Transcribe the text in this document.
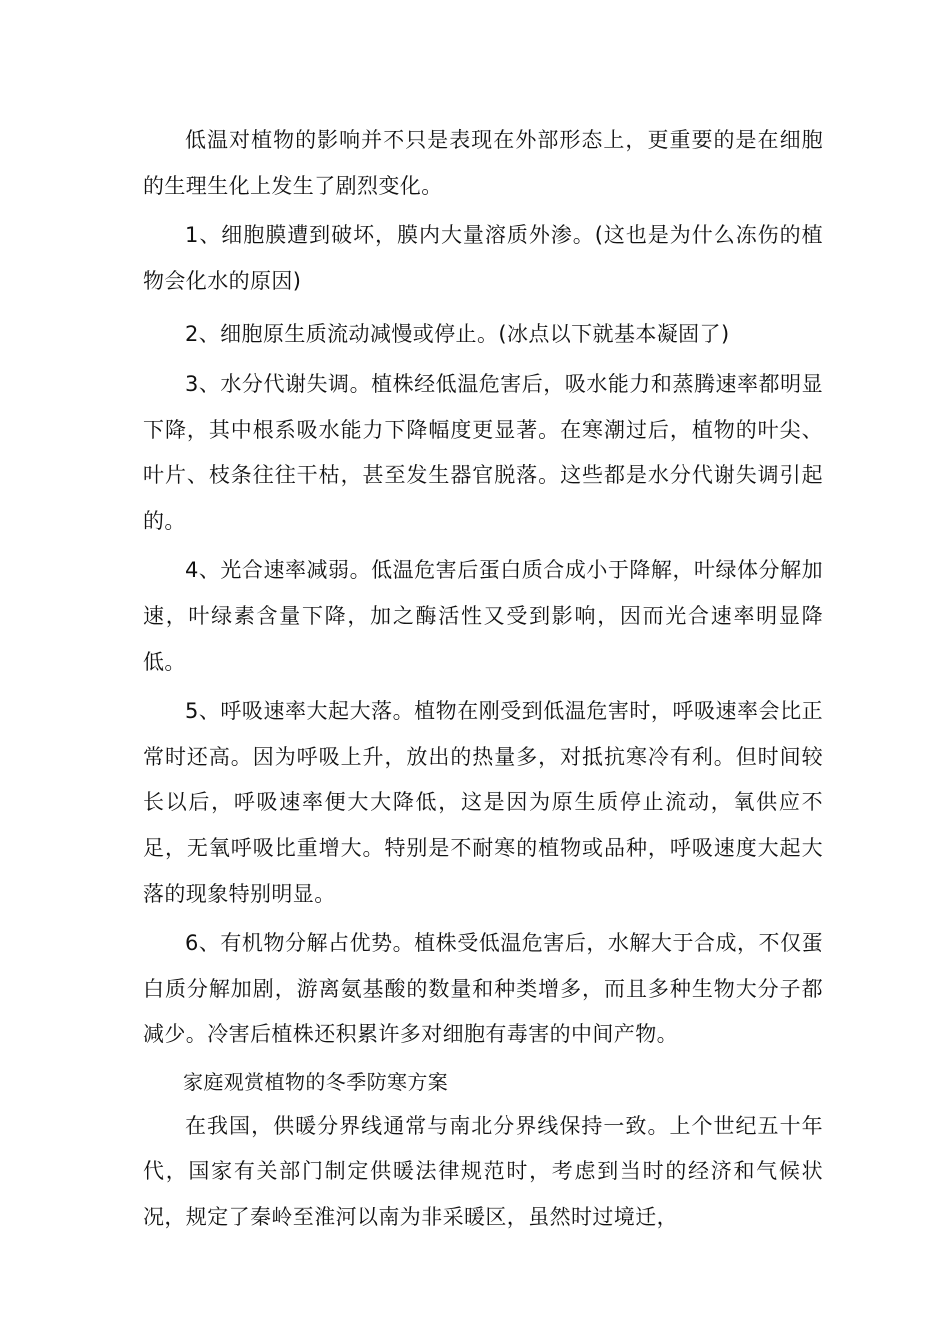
低温对植物的影响并不只是表现在外部形态上，更重要的是在细胞的生理生化上发生了剧烈变化。

1、细胞膜遭到破坏，膜内大量溶质外渗。(这也是为什么冻伤的植物会化水的原因)

2、细胞原生质流动减慢或停止。(冰点以下就基本凝固了)

3、水分代谢失调。植株经低温危害后，吸水能力和蒸腾速率都明显下降，其中根系吸水能力下降幅度更显著。在寒潮过后，植物的叶尖、叶片、枝条往往干枯，甚至发生器官脱落。这些都是水分代谢失调引起的。

4、光合速率减弱。低温危害后蛋白质合成小于降解，叶绿体分解加速，叶绿素含量下降，加之酶活性又受到影响，因而光合速率明显降低。

5、呼吸速率大起大落。植物在刚受到低温危害时，呼吸速率会比正常时还高。因为呼吸上升，放出的热量多，对抵抗寒冷有利。但时间较长以后，呼吸速率便大大降低，这是因为原生质停止流动，氧供应不足，无氧呼吸比重增大。特别是不耐寒的植物或品种，呼吸速度大起大落的现象特别明显。

6、有机物分解占优势。植株受低温危害后，水解大于合成，不仅蛋白质分解加剧，游离氨基酸的数量和种类增多，而且多种生物大分子都减少。冷害后植株还积累许多对细胞有毒害的中间产物。

家庭观赏植物的冬季防寒方案

在我国，供暖分界线通常与南北分界线保持一致。上个世纪五十年代，国家有关部门制定供暖法律规范时，考虑到当时的经济和气候状况，规定了秦岭至淮河以南为非采暖区，虽然时过境迁，
